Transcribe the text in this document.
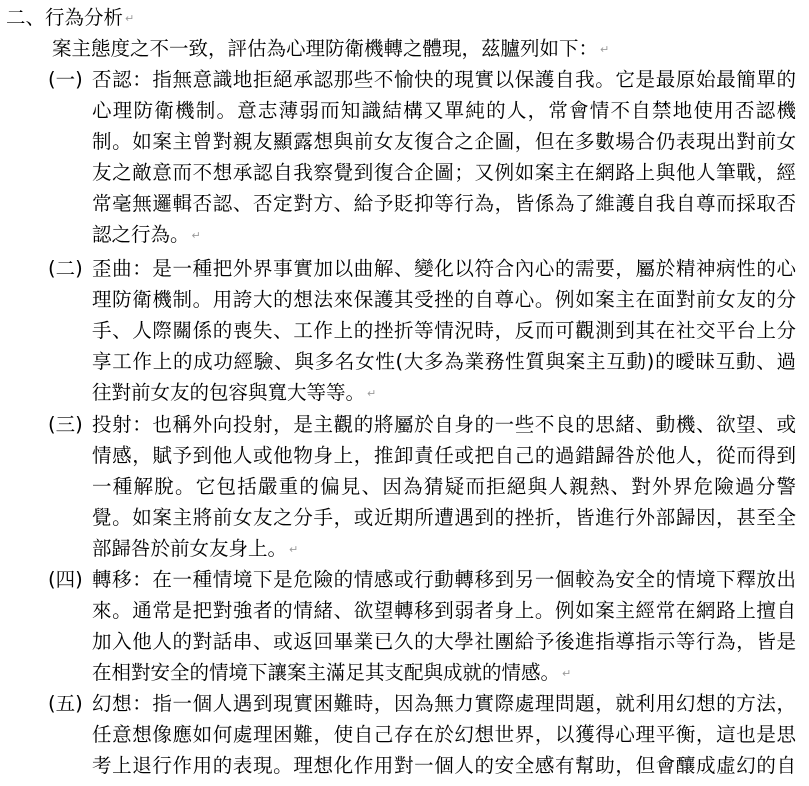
二、行為分析 ↵
案主態度之不一致，評估為心理防衛機轉之體現，茲臚列如下： ↵
(一) 否認：指無意識地拒絕承認那些不愉快的現實以保護自我。它是最原始最簡單的
心理防衛機制。意志薄弱而知識結構又單純的人，常會情不自禁地使用否認機
制。如案主曾對親友顯露想與前女友復合之企圖，但在多數場合仍表現出對前女
友之敵意而不想承認自我察覺到復合企圖；又例如案主在網路上與他人筆戰，經
常毫無邏輯否認、否定對方、給予貶抑等行為，皆係為了維護自我自尊而採取否
認之行為。 ↵
(二) 歪曲：是一種把外界事實加以曲解、變化以符合內心的需要，屬於精神病性的心
理防衛機制。用誇大的想法來保護其受挫的自尊心。例如案主在面對前女友的分
手、人際關係的喪失、工作上的挫折等情況時，反而可觀測到其在社交平台上分
享工作上的成功經驗、與多名女性(大多為業務性質與案主互動)的曖昧互動、過
往對前女友的包容與寬大等等。 ↵
(三) 投射：也稱外向投射，是主觀的將屬於自身的一些不良的思緒、動機、欲望、或
情感，賦予到他人或他物身上，推卸責任或把自己的過錯歸咎於他人，從而得到
一種解脫。它包括嚴重的偏見、因為猜疑而拒絕與人親熱、對外界危險過分警
覺。如案主將前女友之分手，或近期所遭遇到的挫折，皆進行外部歸因，甚至全
部歸咎於前女友身上。 ↵
(四) 轉移：在一種情境下是危險的情感或行動轉移到另一個較為安全的情境下釋放出
來。通常是把對強者的情緒、欲望轉移到弱者身上。例如案主經常在網路上擅自
加入他人的對話串、或返回畢業已久的大學社團給予後進指導指示等行為，皆是
在相對安全的情境下讓案主滿足其支配與成就的情感。 ↵
(五) 幻想：指一個人遇到現實困難時，因為無力實際處理問題，就利用幻想的方法，
任意想像應如何處理困難，使自己存在於幻想世界，以獲得心理平衡，這也是思
考上退行作用的表現。理想化作用對一個人的安全感有幫助，但會釀成虛幻的自
